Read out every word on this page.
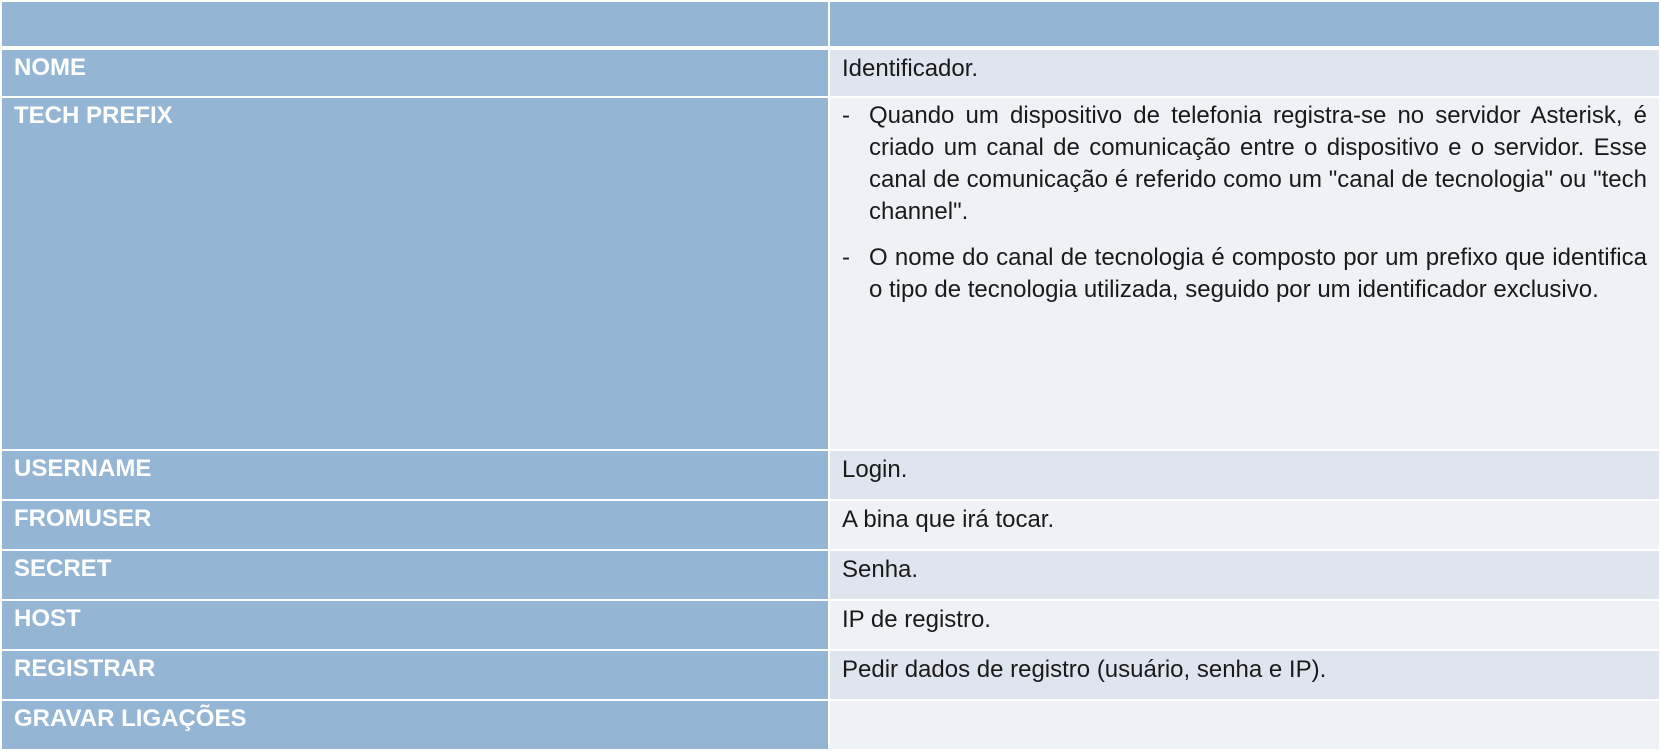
NOME	Identificador.
TECH PREFIX	- Quando um dispositivo de telefonia registra-se no servidor Asterisk, é criado um canal de comunicação entre o dispositivo e o servidor. Esse canal de comunicação é referido como um "canal de tecnologia" ou "tech channel".
- O nome do canal de tecnologia é composto por um prefixo que identifica o tipo de tecnologia utilizada, seguido por um identificador exclusivo.
USERNAME	Login.
FROMUSER	A bina que irá tocar.
SECRET	Senha.
HOST	IP de registro.
REGISTRAR	Pedir dados de registro (usuário, senha e IP).
GRAVAR LIGAÇÕES
